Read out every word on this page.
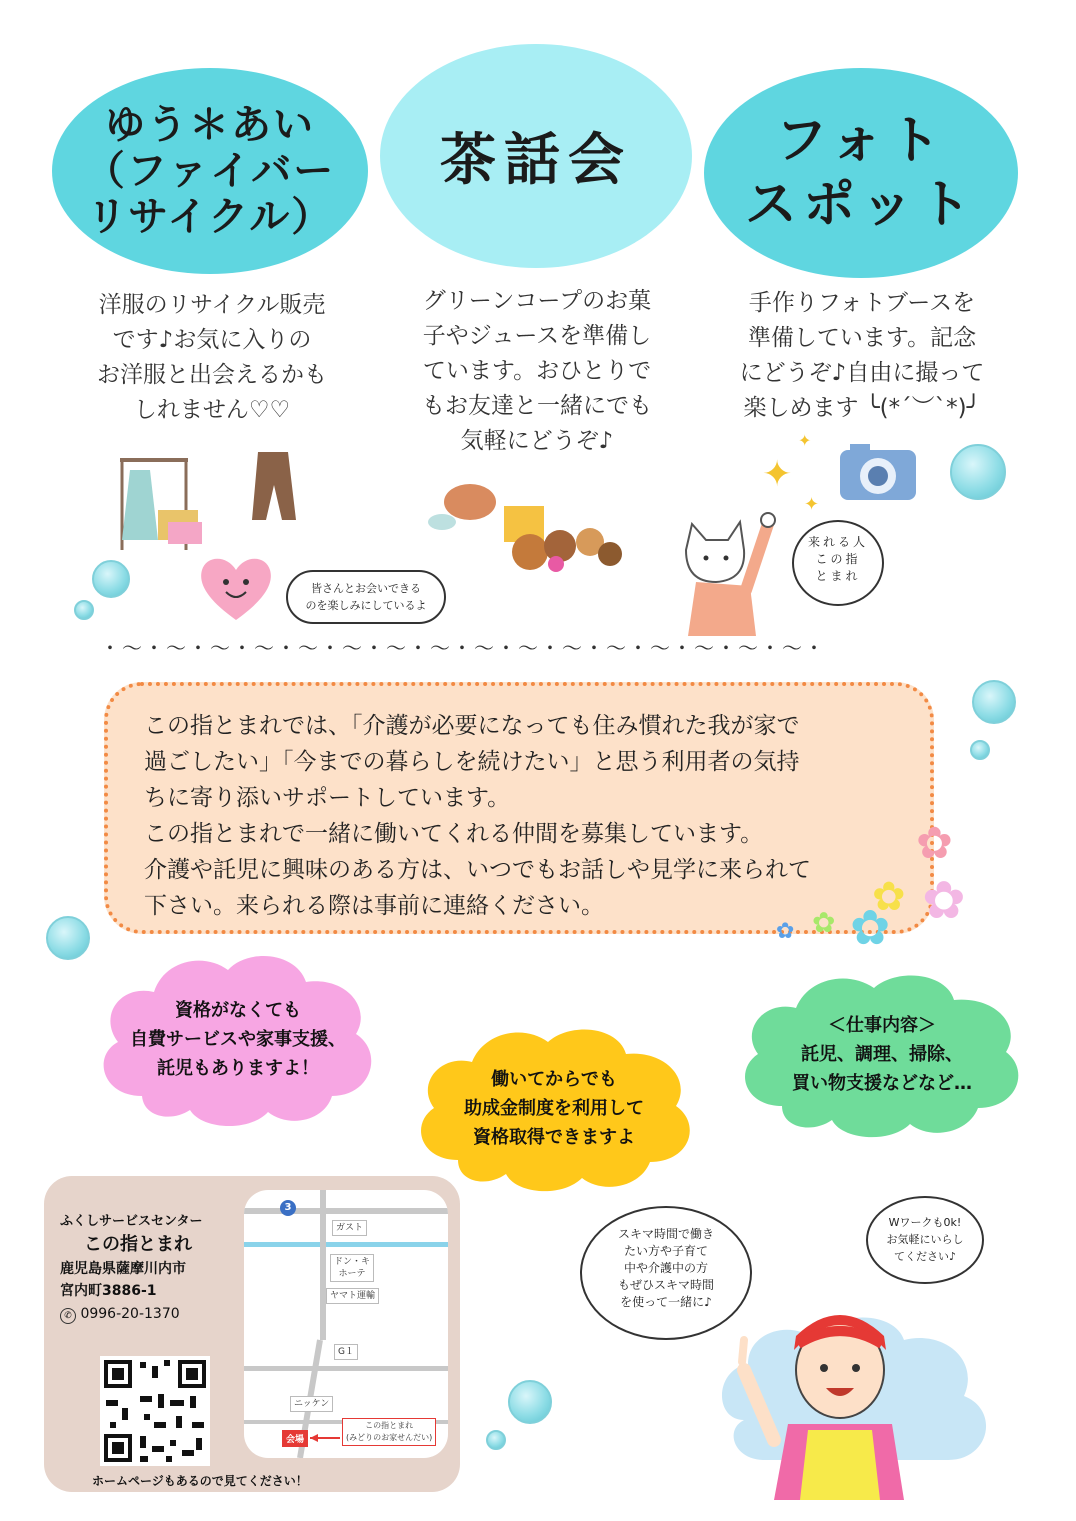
ゆう＊あい
（ファイバー
リサイクル）
茶話会	フォト
スポット
洋服のリサイクル販売
です♪お気に入りの
お洋服と出会えるかも
しれません♡♡
グリーンコープのお菓
子やジュースを準備し
ています。おひとりで
もお友達と一緒にでも
気軽にどうぞ♪
手作りフォトブースを
準備しています。記念
にどうぞ♪自由に撮って
楽しめます ╰(*´︶`*)╯
皆さんとお会いできる
のを楽しみにしているよ
✦
✦
✦
来れる人
この指
とまれ
・〜・〜・〜・〜・〜・〜・〜・〜・〜・〜・〜・〜・〜・〜・〜・〜・
この指とまれでは、「介護が必要になっても住み慣れた我が家で
過ごしたい」「今までの暮らしを続けたい」と思う利用者の気持
ちに寄り添いサポートしています。
この指とまれで一緒に働いてくれる仲間を募集しています。
介護や託児に興味のある方は、いつでもお話しや見学に来られて
下さい。来られる際は事前に連絡ください。
✿
✿
✿
✿
✿
✿
資格がなくても
自費サービスや家事支援、
託児もありますよ！
働いてからでも
助成金制度を利用して
資格取得できますよ
＜仕事内容＞
託児、調理、掃除、
買い物支援などなど…
ふくしサービスセンター
この指とまれ
鹿児島県薩摩川内市
宮内町3886-1
✆ 0996-20-1370
ホームページもあるので見てください！
3
ガスト
ドン・キ
ホーテ
ヤマト運輸
G１
ニッケン
会場
この指とまれ
(みどりのお家せんだい)
スキマ時間で働き
たい方や子育て
中や介護中の方
もぜひスキマ時間
を使って一緒に♪
Wワークも0k!
お気軽にいらし
てください♪
